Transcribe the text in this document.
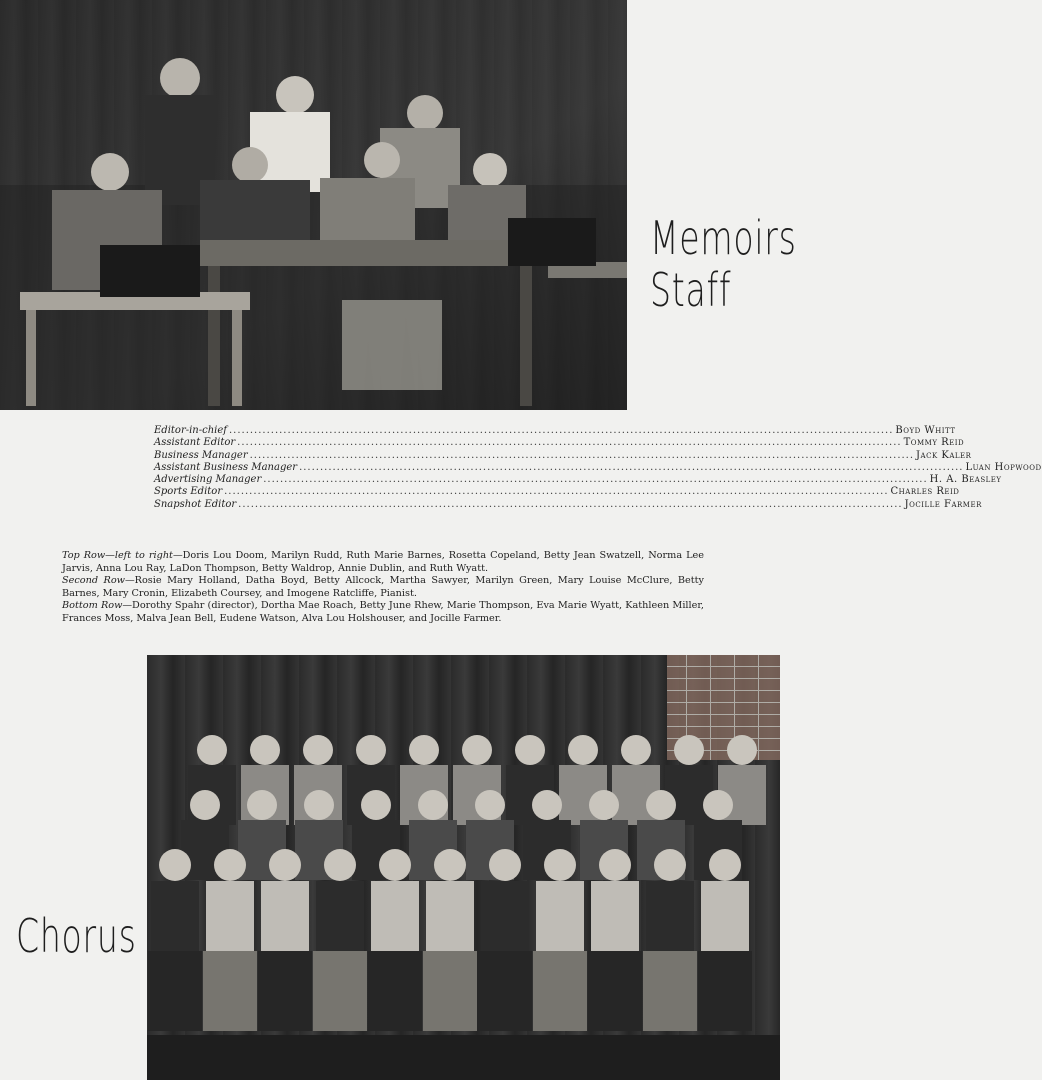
Memoirs
Staff
Editor-in-chief .....	Boyd Whitt
Assistant Editor .....	Tommy Reid
Business Manager .....	Jack Kaler
Assistant Business Manager .....	Luan Hopwood
Advertising Manager .....	H. A. Beasley
Sports Editor .....	Charles Reid
Snapshot Editor .....	Jocille Farmer
Top Row—left to right—Doris Lou Doom, Marilyn Rudd, Ruth Marie Barnes, Rosetta Copeland, Betty Jean Swatzell, Norma Lee Jarvis, Anna Lou Ray, LaDon Thompson, Betty Waldrop, Annie Dublin, and Ruth Wyatt.
Second Row—Rosie Mary Holland, Datha Boyd, Betty Allcock, Martha Sawyer, Marilyn Green, Mary Louise McClure, Betty Barnes, Mary Cronin, Elizabeth Coursey, and Imogene Ratcliffe, Pianist.
Bottom Row—Dorothy Spahr (director), Dortha Mae Roach, Betty June Rhew, Marie Thompson, Eva Marie Wyatt, Kathleen Miller, Frances Moss, Malva Jean Bell, Eudene Watson, Alva Lou Holshouser, and Jocille Farmer.
Chorus
